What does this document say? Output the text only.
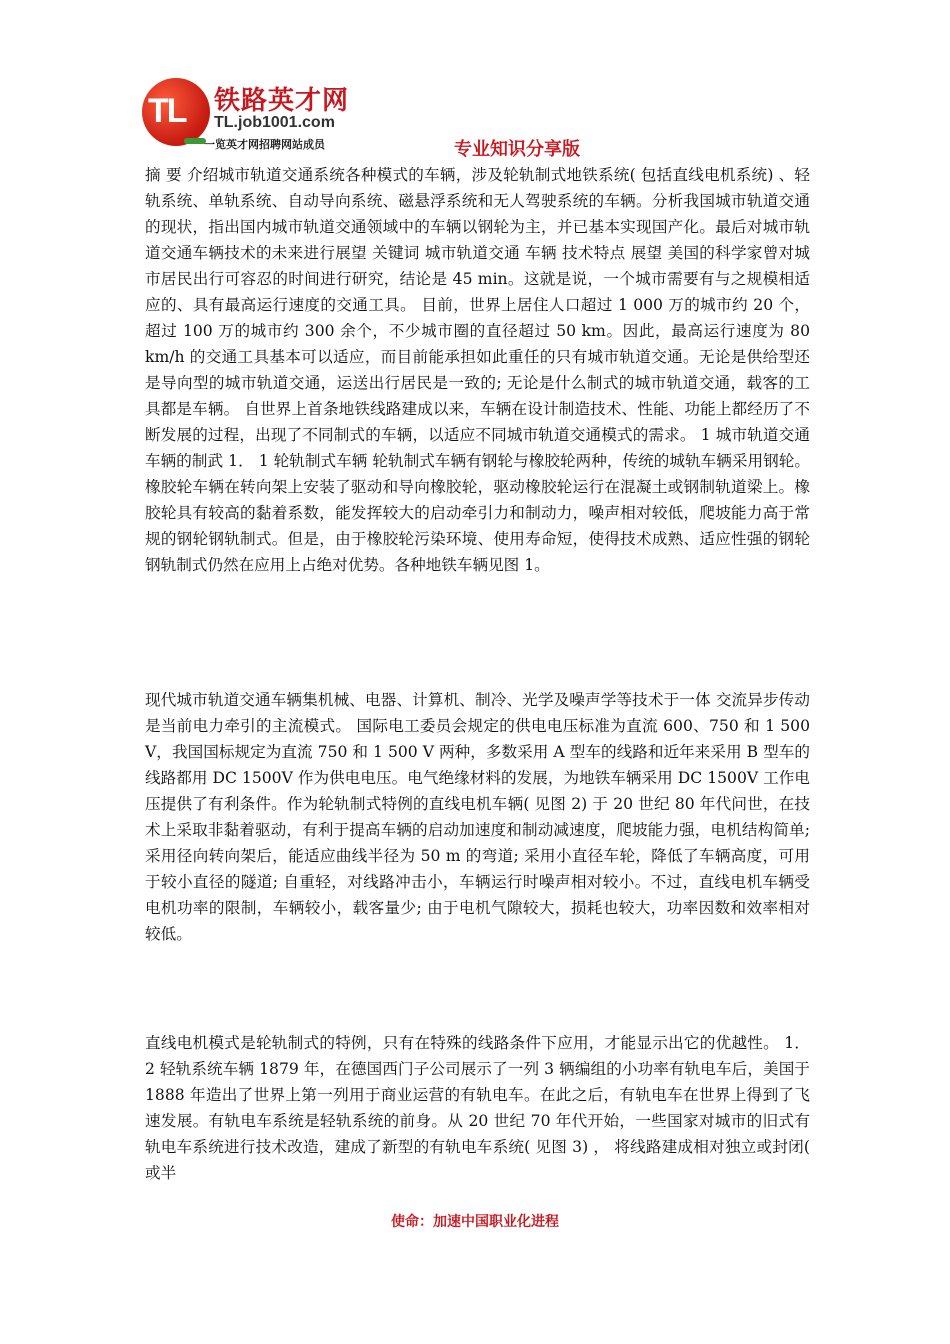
TL 铁路英才网
TL.job1001.com
一览英才网招聘网站成员	专业知识分享版

摘 要 介绍城市轨道交通系统各种模式的车辆，涉及轮轨制式地铁系统( 包括直线电机系统) 、轻轨系统、单轨系统、自动导向系统、磁悬浮系统和无人驾驶系统的车辆。分析我国城市轨道交通的现状，指出国内城市轨道交通领域中的车辆以钢轮为主，并已基本实现国产化。最后对城市轨道交通车辆技术的未来进行展望 关键词 城市轨道交通 车辆 技术特点 展望 美国的科学家曾对城市居民出行可容忍的时间进行研究，结论是 45 min。这就是说，一个城市需要有与之规模相适应的、具有最高运行速度的交通工具。 目前，世界上居住人口超过 1 000 万的城市约 20 个，超过 100 万的城市约 300 余个，不少城市圈的直径超过 50 km。因此，最高运行速度为 80 km/h 的交通工具基本可以适应，而目前能承担如此重任的只有城市轨道交通。无论是供给型还是导向型的城市轨道交通，运送出行居民是一致的; 无论是什么制式的城市轨道交通，载客的工具都是车辆。 自世界上首条地铁线路建成以来，车辆在设计制造技术、性能、功能上都经历了不断发展的过程，出现了不同制式的车辆，以适应不同城市轨道交通模式的需求。 1 城市轨道交通车辆的制武 1． 1 轮轨制式车辆 轮轨制式车辆有钢轮与橡胶轮两种，传统的城轨车辆采用钢轮。橡胶轮车辆在转向架上安装了驱动和导向橡胶轮，驱动橡胶轮运行在混凝土或钢制轨道梁上。橡胶轮具有较高的黏着系数，能发挥较大的启动牵引力和制动力，噪声相对较低，爬坡能力高于常规的钢轮钢轨制式。但是，由于橡胶轮污染环境、使用寿命短，使得技术成熟、适应性强的钢轮钢轨制式仍然在应用上占绝对优势。各种地铁车辆见图 1。

现代城市轨道交通车辆集机械、电器、计算机、制冷、光学及噪声学等技术于一体 交流异步传动是当前电力牵引的主流模式。 国际电工委员会规定的供电电压标准为直流 600、750 和 1 500 V，我国国标规定为直流 750 和 1 500 V 两种，多数采用 A 型车的线路和近年来采用 B 型车的线路都用 DC 1500V 作为供电电压。电气绝缘材料的发展，为地铁车辆采用 DC 1500V 工作电压提供了有利条件。作为轮轨制式特例的直线电机车辆( 见图 2) 于 20 世纪 80 年代问世，在技术上采取非黏着驱动，有利于提高车辆的启动加速度和制动减速度，爬坡能力强，电机结构简单; 采用径向转向架后，能适应曲线半径为 50 m 的弯道; 采用小直径车轮，降低了车辆高度，可用于较小直径的隧道; 自重轻，对线路冲击小，车辆运行时噪声相对较小。不过，直线电机车辆受电机功率的限制，车辆较小，载客量少; 由于电机气隙较大，损耗也较大，功率因数和效率相对较低。

直线电机模式是轮轨制式的特例，只有在特殊的线路条件下应用，才能显示出它的优越性。 1． 2 轻轨系统车辆 1879 年，在德国西门子公司展示了一列 3 辆编组的小功率有轨电车后，美国于 1888 年造出了世界上第一列用于商业运营的有轨电车。在此之后，有轨电车在世界上得到了飞速发展。有轨电车系统是轻轨系统的前身。从 20 世纪 70 年代开始，一些国家对城市的旧式有轨电车系统进行技术改造，建成了新型的有轨电车系统( 见图 3) ， 将线路建成相对独立或封闭( 或半

使命：加速中国职业化进程
